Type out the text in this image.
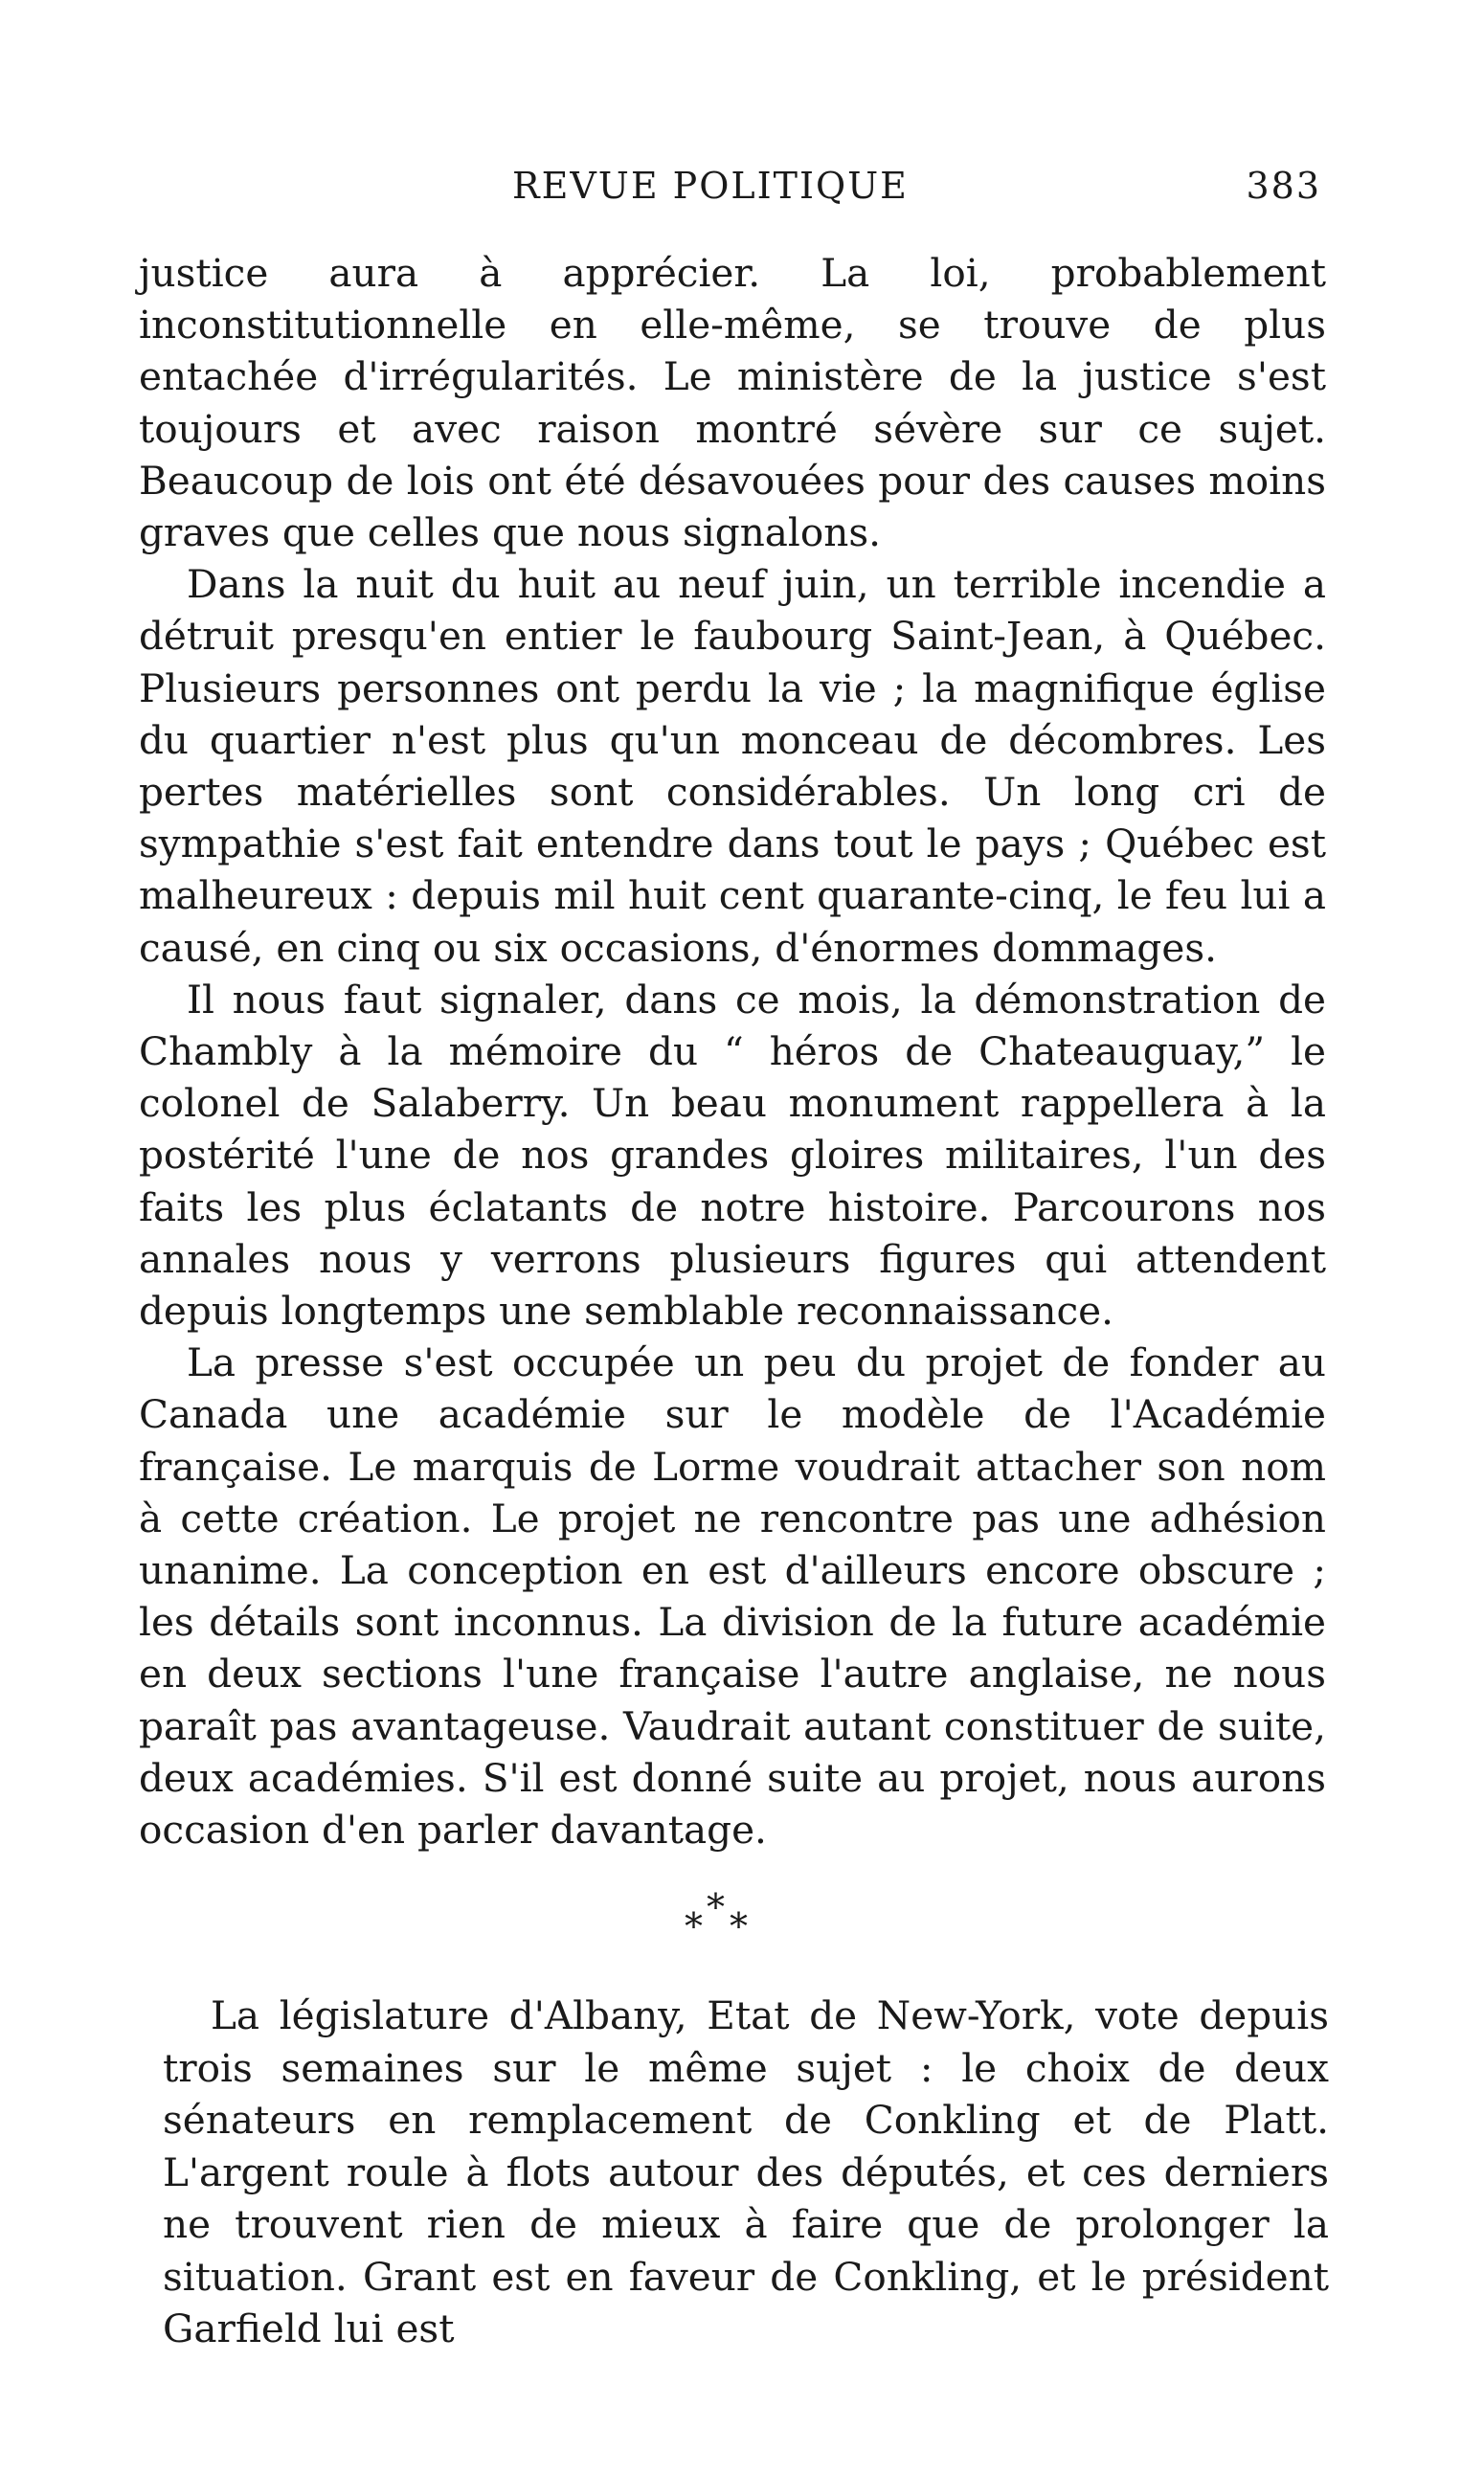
REVUE POLITIQUE	383

justice aura à apprécier. La loi, probablement inconstitutionnelle en elle-même, se trouve de plus entachée d'irrégularités. Le ministère de la justice s'est toujours et avec raison montré sévère sur ce sujet. Beaucoup de lois ont été désavouées pour des causes moins graves que celles que nous signalons.

Dans la nuit du huit au neuf juin, un terrible incendie a détruit presqu'en entier le faubourg Saint-Jean, à Québec. Plusieurs personnes ont perdu la vie ; la magnifique église du quartier n'est plus qu'un monceau de décombres. Les pertes matérielles sont considérables. Un long cri de sympathie s'est fait entendre dans tout le pays ; Québec est malheureux : depuis mil huit cent quarante-cinq, le feu lui a causé, en cinq ou six occasions, d'énormes dommages.

Il nous faut signaler, dans ce mois, la démonstration de Chambly à la mémoire du “ héros de Chateauguay,” le colonel de Salaberry. Un beau monument rappellera à la postérité l'une de nos grandes gloires militaires, l'un des faits les plus éclatants de notre histoire. Parcourons nos annales nous y verrons plusieurs figures qui attendent depuis longtemps une semblable reconnaissance.

La presse s'est occupée un peu du projet de fonder au Canada une académie sur le modèle de l'Académie française. Le marquis de Lorme voudrait attacher son nom à cette création. Le projet ne rencontre pas une adhésion unanime. La conception en est d'ailleurs encore obscure ; les détails sont inconnus. La division de la future académie en deux sections l'une française l'autre anglaise, ne nous paraît pas avantageuse. Vaudrait autant constituer de suite, deux académies. S'il est donné suite au projet, nous aurons occasion d'en parler davantage.

*
* *

La législature d'Albany, Etat de New-York, vote depuis trois semaines sur le même sujet : le choix de deux sénateurs en remplacement de Conkling et de Platt. L'argent roule à flots autour des députés, et ces derniers ne trouvent rien de mieux à faire que de prolonger la situation. Grant est en faveur de Conkling, et le président Garfield lui est
